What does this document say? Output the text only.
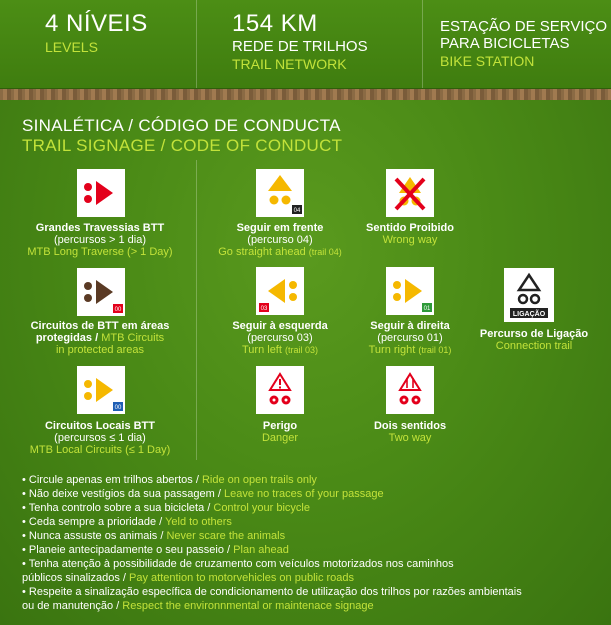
4 NÍVEIS
LEVELS
154 KM
REDE DE TRILHOS
TRAIL NETWORK
ESTAÇÃO DE SERVIÇO
PARA BICICLETAS
BIKE STATION
SINALÉTICA / CÓDIGO DE CONDUCTA
TRAIL SIGNAGE / CODE OF CONDUCT
Grandes Travessias BTT
(percursos > 1 dia)
MTB Long Traverse (> 1 Day)
00
Circuitos de BTT em áreas
protegidas / MTB Circuits
in protected areas
00
Circuitos Locais BTT
(percursos ≤ 1 dia)
MTB Local Circuits (≤ 1 Day)
04
Seguir em frente
(percurso 04)
Go straight ahead (trail 04)
03
Seguir à esquerda
(percurso 03)
Turn left (trail 03)
Perigo
Danger
Sentido Proibido
Wrong way
01
Seguir à direita
(percurso 01)
Turn right (trail 01)
Dois sentidos
Two way
LIGAÇÃO
Percurso de Ligação
Connection trail
• Circule apenas em trilhos abertos / Ride on open trails only
• Não deixe vestígios da sua passagem / Leave no traces of your passage
• Tenha controlo sobre a sua bicicleta / Control your bicycle
• Ceda sempre a prioridade / Yeld to others
• Nunca assuste os animais / Never scare the animals
• Planeie antecipadamente o seu passeio / Plan ahead
• Tenha atenção à possibilidade de cruzamento com veículos motorizados nos caminhos
públicos sinalizados / Pay attention to motorvehicles on public roads
• Respeite a sinalização específica de condicionamento de utilização dos trilhos por razões ambientais
ou de manutenção / Respect the environnmental or maintenace signage
